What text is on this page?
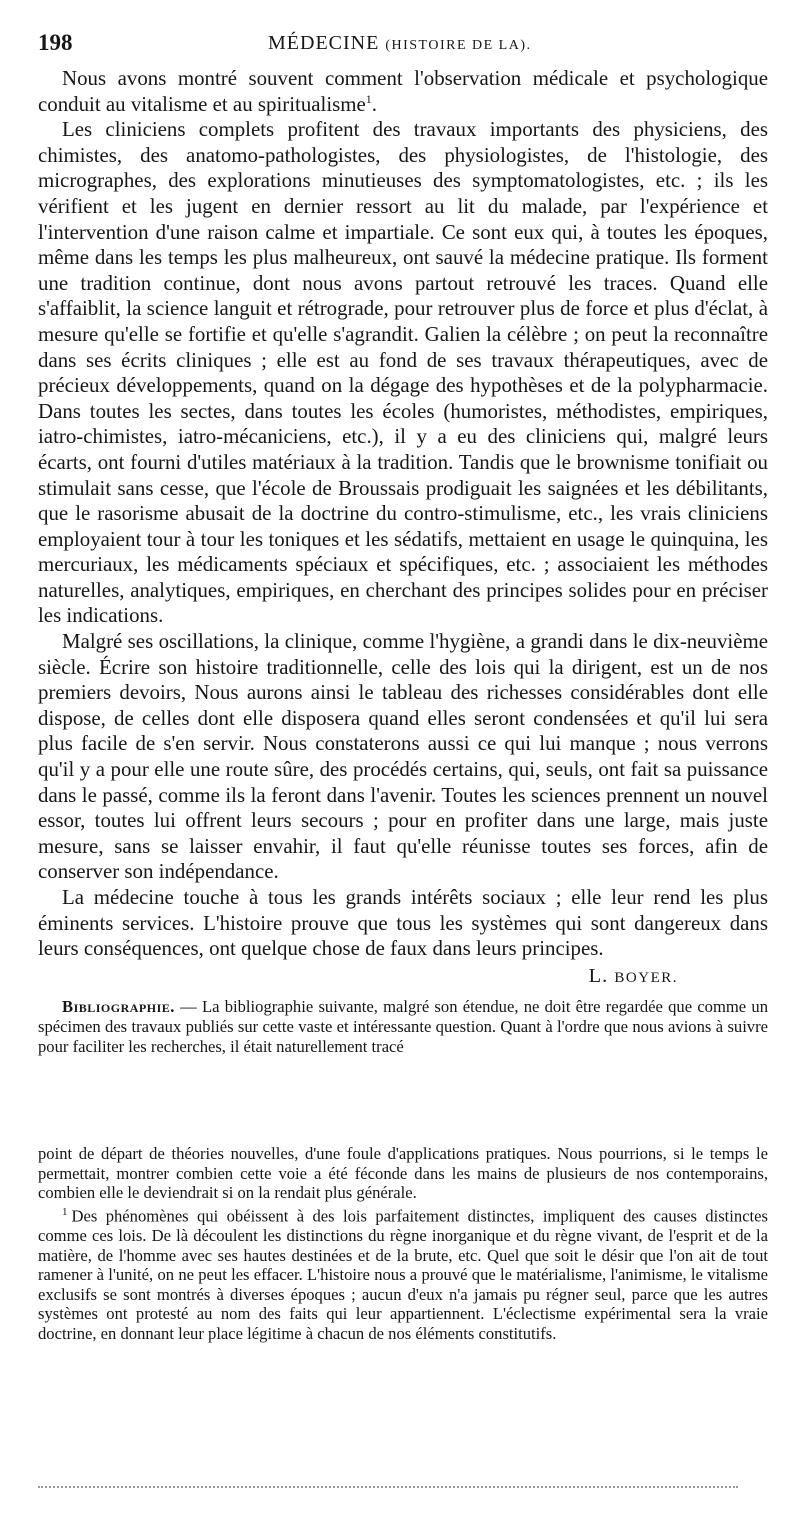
198	MÉDECINE (HISTOIRE DE LA).

Nous avons montré souvent comment l'observation médicale et psychologique conduit au vitalisme et au spiritualisme$^1$.

Les cliniciens complets profitent des travaux importants des physiciens, des chimistes, des anatomo-pathologistes, des physiologistes, de l'histologie, des micrographes, des explorations minutieuses des symptomatologistes, etc. ; ils les vérifient et les jugent en dernier ressort au lit du malade, par l'expérience et l'intervention d'une raison calme et impartiale. Ce sont eux qui, à toutes les époques, même dans les temps les plus malheureux, ont sauvé la médecine pratique. Ils forment une tradition continue, dont nous avons partout retrouvé les traces. Quand elle s'affaiblit, la science languit et rétrograde, pour retrouver plus de force et plus d'éclat, à mesure qu'elle se fortifie et qu'elle s'agrandit. Galien la célèbre ; on peut la reconnaître dans ses écrits cliniques ; elle est au fond de ses travaux thérapeutiques, avec de précieux développements, quand on la dégage des hypothèses et de la polypharmacie. Dans toutes les sectes, dans toutes les écoles (humoristes, méthodistes, empiriques, iatro-chimistes, iatro-mécaniciens, etc.), il y a eu des cliniciens qui, malgré leurs écarts, ont fourni d'utiles matériaux à la tradition. Tandis que le brownisme tonifiait ou stimulait sans cesse, que l'école de Broussais prodiguait les saignées et les débilitants, que le rasorisme abusait de la doctrine du contro-stimulisme, etc., les vrais cliniciens employaient tour à tour les toniques et les sédatifs, mettaient en usage le quinquina, les mercuriaux, les médicaments spéciaux et spécifiques, etc. ; associaient les méthodes naturelles, analytiques, empiriques, en cherchant des principes solides pour en préciser les indications.

Malgré ses oscillations, la clinique, comme l'hygiène, a grandi dans le dix-neuvième siècle. Écrire son histoire traditionnelle, celle des lois qui la dirigent, est un de nos premiers devoirs, Nous aurons ainsi le tableau des richesses considérables dont elle dispose, de celles dont elle disposera quand elles seront condensées et qu'il lui sera plus facile de s'en servir. Nous constaterons aussi ce qui lui manque ; nous verrons qu'il y a pour elle une route sûre, des procédés certains, qui, seuls, ont fait sa puissance dans le passé, comme ils la feront dans l'avenir. Toutes les sciences prennent un nouvel essor, toutes lui offrent leurs secours ; pour en profiter dans une large, mais juste mesure, sans se laisser envahir, il faut qu'elle réunisse toutes ses forces, afin de conserver son indépendance.

La médecine touche à tous les grands intérêts sociaux ; elle leur rend les plus éminents services. L'histoire prouve que tous les systèmes qui sont dangereux dans leurs conséquences, ont quelque chose de faux dans leurs principes.

L. BOYER.
Bibliographie. — La bibliographie suivante, malgré son étendue, ne doit être regardée que comme un spécimen des travaux publiés sur cette vaste et intéressante question. Quant à l'ordre que nous avions à suivre pour faciliter les recherches, il était naturellement tracé

point de départ de théories nouvelles, d'une foule d'applications pratiques. Nous pourrions, si le temps le permettait, montrer combien cette voie a été féconde dans les mains de plusieurs de nos contemporains, combien elle le deviendrait si on la rendait plus générale.

$^1$ Des phénomènes qui obéissent à des lois parfaitement distinctes, impliquent des causes distinctes comme ces lois. De là découlent les distinctions du règne inorganique et du règne vivant, de l'esprit et de la matière, de l'homme avec ses hautes destinées et de la brute, etc. Quel que soit le désir que l'on ait de tout ramener à l'unité, on ne peut les effacer. L'histoire nous a prouvé que le matérialisme, l'animisme, le vitalisme exclusifs se sont montrés à diverses époques ; aucun d'eux n'a jamais pu régner seul, parce que les autres systèmes ont protesté au nom des faits qui leur appartiennent. L'éclectisme expérimental sera la vraie doctrine, en donnant leur place légitime à chacun de nos éléments constitutifs.
